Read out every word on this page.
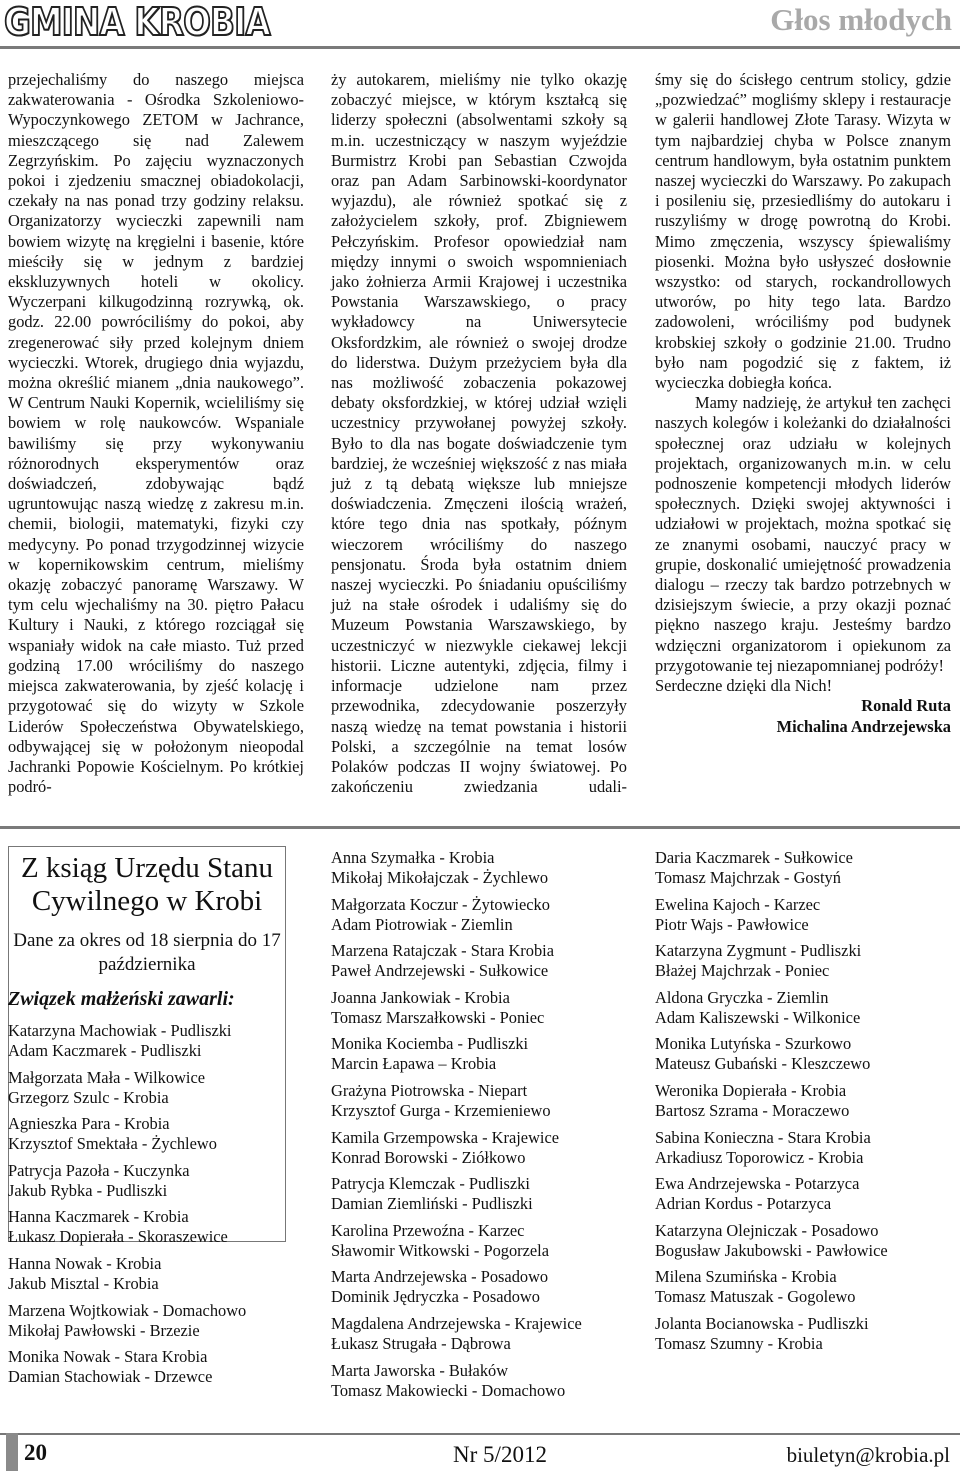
GMINA KROBIA	Głos młodych

przejechaliśmy do naszego miejsca zakwaterowania - Ośrodka Szkoleniowo-Wypoczynkowego ZETOM w Jachrance, mieszczącego się nad Zalewem Zegrzyńskim. Po zajęciu wyznaczonych pokoi i zjedzeniu smacznej obiadokolacji, czekały na nas ponad trzy godziny relaksu. Organizatorzy wycieczki zapewnili nam bowiem wizytę na kręgielni i basenie, które mieściły się w jednym z bardziej ekskluzywnych hoteli w okolicy. Wyczerpani kilkugodzinną rozrywką, ok. godz. 22.00 powróciliśmy do pokoi, aby zregenerować siły przed kolejnym dniem wycieczki. Wtorek, drugiego dnia wyjazdu, można określić mianem „dnia naukowego”. W Centrum Nauki Kopernik, wcieliliśmy się bowiem w rolę naukowców. Wspaniale bawiliśmy się przy wykonywaniu różnorodnych eksperymentów oraz doświadczeń, zdobywając bądź ugruntowując naszą wiedzę z zakresu m.in. chemii, biologii, matematyki, fizyki czy medycyny. Po ponad trzygodzinnej wizycie w kopernikowskim centrum, mieliśmy okazję zobaczyć panoramę Warszawy. W tym celu wjechaliśmy na 30. piętro Pałacu Kultury i Nauki, z którego rozciągał się wspaniały widok na całe miasto. Tuż przed godziną 17.00 wróciliśmy do naszego miejsca zakwaterowania, by zjeść kolację i przygotować się do wizyty w Szkole Liderów Społeczeństwa Obywatelskiego, odbywającej się w położonym nieopodal Jachranki Popowie Kościelnym. Po krótkiej podró-

ży autokarem, mieliśmy nie tylko okazję zobaczyć miejsce, w którym kształcą się liderzy społeczni (absolwentami szkoły są m.in. uczestniczący w naszym wyjeździe Burmistrz Krobi pan Sebastian Czwojda oraz pan Adam Sarbinowski-koordynator wyjazdu), ale również spotkać się z założycielem szkoły, prof. Zbigniewem Pełczyńskim. Profesor opowiedział nam między innymi o swoich wspomnieniach jako żołnierza Armii Krajowej i uczestnika Powstania Warszawskiego, o pracy wykładowcy na Uniwersytecie Oksfordzkim, ale również o swojej drodze do liderstwa. Dużym przeżyciem była dla nas możliwość zobaczenia pokazowej debaty oksfordzkiej, w której udział wzięli uczestnicy przywołanej powyżej szkoły. Było to dla nas bogate doświadczenie tym bardziej, że wcześniej większość z nas miała już z tą debatą większe lub mniejsze doświadczenia. Zmęczeni ilością wrażeń, które tego dnia nas spotkały, późnym wieczorem wróciliśmy do naszego pensjonatu. Środa była ostatnim dniem naszej wycieczki. Po śniadaniu opuściliśmy już na stałe ośrodek i udaliśmy się do Muzeum Powstania Warszawskiego, by uczestniczyć w niezwykle ciekawej lekcji historii. Liczne autentyki, zdjęcia, filmy i informacje udzielone nam przez przewodnika, zdecydowanie poszerzyły naszą wiedzę na temat powstania i historii Polski, a szczególnie na temat losów Polaków podczas II wojny światowej. Po zakończeniu zwiedzania udali-

śmy się do ścisłego centrum stolicy, gdzie „pozwiedzać” mogliśmy sklepy i restauracje w galerii handlowej Złote Tarasy. Wizyta w tym najbardziej chyba w Polsce znanym centrum handlowym, była ostatnim punktem naszej wycieczki do Warszawy. Po zakupach i posileniu się, przesiedliśmy do autokaru i ruszyliśmy w drogę powrotną do Krobi. Mimo zmęczenia, wszyscy śpiewaliśmy piosenki. Można było usłyszeć dosłownie wszystko: od starych, rockandrollowych utworów, po hity tego lata. Bardzo zadowoleni, wróciliśmy pod budynek krobskiej szkoły o godzinie 21.00. Trudno było nam pogodzić się z faktem, iż wycieczka dobiegła końca.

Mamy nadzieję, że artykuł ten zachęci naszych kolegów i koleżanki do działalności społecznej oraz udziału w kolejnych projektach, organizowanych m.in. w celu podnoszenie kompetencji młodych liderów społecznych. Dzięki swojej aktywności i udziałowi w projektach, można spotkać się ze znanymi osobami, nauczyć pracy w grupie, doskonalić umiejętność prowadzenia dialogu – rzeczy tak bardzo potrzebnych w dzisiejszym świecie, a przy okazji poznać piękno naszego kraju. Jesteśmy bardzo wdzięczni organizatorom i opiekunom za przygotowanie tej niezapomnianej podróży!

Serdeczne dzięki dla Nich!

Ronald Ruta

Michalina Andrzejewska

Z ksiąg Urzędu Stanu Cywilnego w Krobi
Dane za okres od 18 sierpnia do 17 października
Związek małżeński zawarli:
Katarzyna Machowiak - Pudliszki
Adam Kaczmarek - Pudliszki
Małgorzata Mała - Wilkowice
Grzegorz Szulc - Krobia
Agnieszka Para - Krobia
Krzysztof Smektała - Żychlewo
Patrycja Pazoła - Kuczynka
Jakub Rybka - Pudliszki
Hanna Kaczmarek - Krobia
Łukasz Dopierała - Skoraszewice
Hanna Nowak - Krobia
Jakub Misztal - Krobia
Marzena Wojtkowiak - Domachowo
Mikołaj Pawłowski - Brzezie
Monika Nowak - Stara Krobia
Damian Stachowiak - Drzewce
Anna Szymałka - Krobia
Mikołaj Mikołajczak - Żychlewo
Małgorzata Koczur - Żytowiecko
Adam Piotrowiak - Ziemlin
Marzena Ratajczak - Stara Krobia
Paweł Andrzejewski - Sułkowice
Joanna Jankowiak - Krobia
Tomasz Marszałkowski - Poniec
Monika Kociemba - Pudliszki
Marcin Łapawa – Krobia
Grażyna Piotrowska - Niepart
Krzysztof Gurga - Krzemieniewo
Kamila Grzempowska - Krajewice
Konrad Borowski - Ziółkowo
Patrycja Klemczak - Pudliszki
Damian Ziemliński - Pudliszki
Karolina Przewoźna - Karzec
Sławomir Witkowski - Pogorzela
Marta Andrzejewska - Posadowo
Dominik Jędryczka - Posadowo
Magdalena Andrzejewska - Krajewice
Łukasz Strugała - Dąbrowa
Marta Jaworska - Bułaków
Tomasz Makowiecki - Domachowo
Daria Kaczmarek - Sułkowice
Tomasz Majchrzak - Gostyń
Ewelina Kajoch - Karzec
Piotr Wajs - Pawłowice
Katarzyna Zygmunt - Pudliszki
Błażej Majchrzak - Poniec
Aldona Gryczka - Ziemlin
Adam Kaliszewski - Wilkonice
Monika Lutyńska - Szurkowo
Mateusz Gubański - Kleszczewo
Weronika Dopierała - Krobia
Bartosz Szrama - Moraczewo
Sabina Konieczna - Stara Krobia
Arkadiusz Toporowicz - Krobia
Ewa Andrzejewska - Potarzyca
Adrian Kordus - Potarzyca
Katarzyna Olejniczak - Posadowo
Bogusław Jakubowski - Pawłowice
Milena Szumińska - Krobia
Tomasz Matuszak - Gogolewo
Jolanta Bocianowska - Pudliszki
Tomasz Szumny - Krobia
20	Nr 5/2012	biuletyn@krobia.pl
